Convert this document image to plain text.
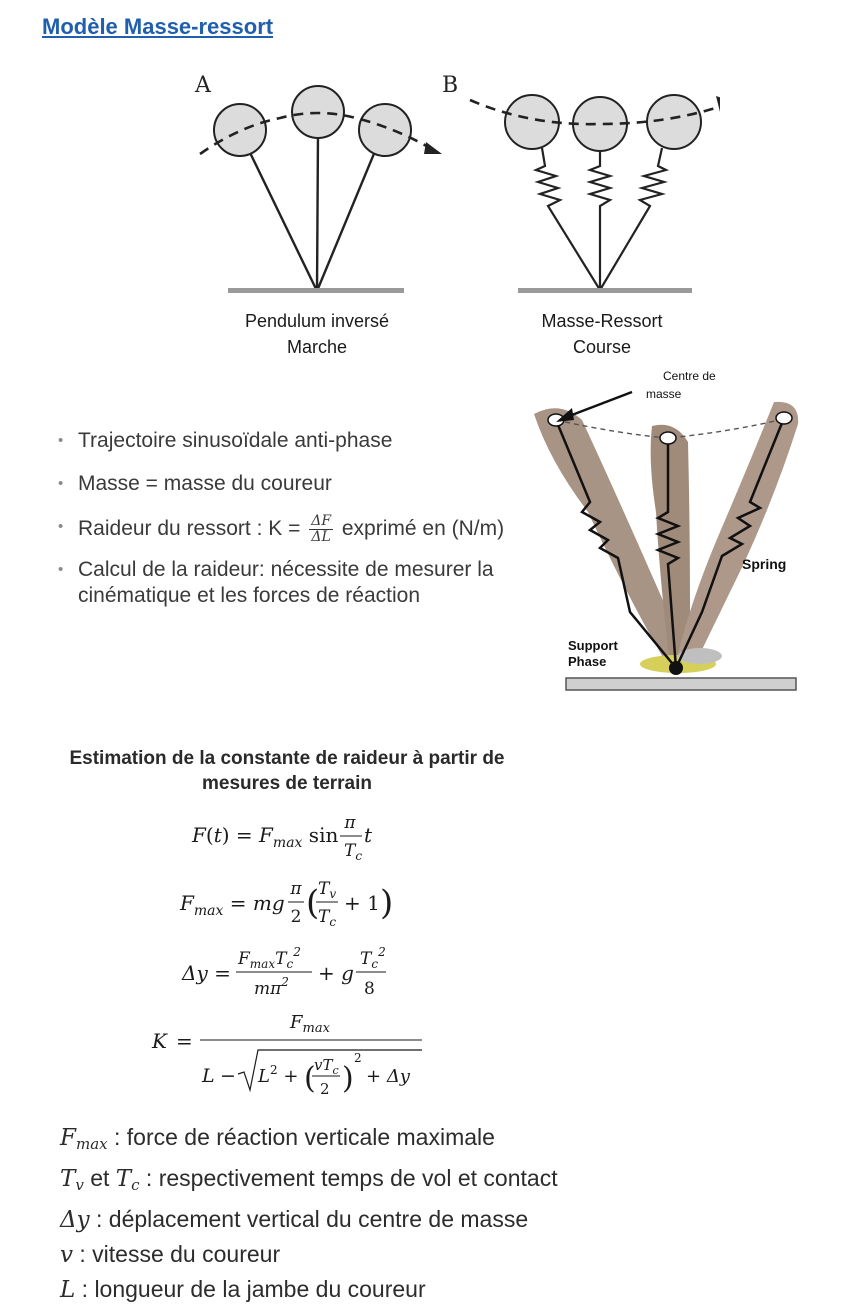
Modèle Masse-ressort
A	B
Pendulum inversé
Marche
Masse-Ressort
Course
Centre de
masse
Spring
Support
Phase
• Trajectoire sinusoïdale anti-phase
• Masse = masse du coureur
• Raideur du ressort : $K = \frac{\Delta F}{\Delta L}$ exprimé en (N/m)
• Calcul de la raideur: nécessite de mesurer la
cinématique et les forces de réaction
Estimation de la constante de raideur à partir de
mesures de terrain
$F(t) = F_{max}$ sin π
$T_c$
t
$F_{max}$ = mg
π
2 (
$T_v$
$T_c$
+ 1 )
Δy =
$F_{max}T_c^2$
$m\pi^2 + g$
$T_c^2$
8
K =
$F_{max}$
$L - L^2$ + (
$vT_c$
2 )
2
+ Δy
Fmax : force de réaction verticale maximale
Tv et Tc : respectivement temps de vol et contact
Δy : déplacement vertical du centre de masse
v : vitesse du coureur
L : longueur de la jambe du coureur
